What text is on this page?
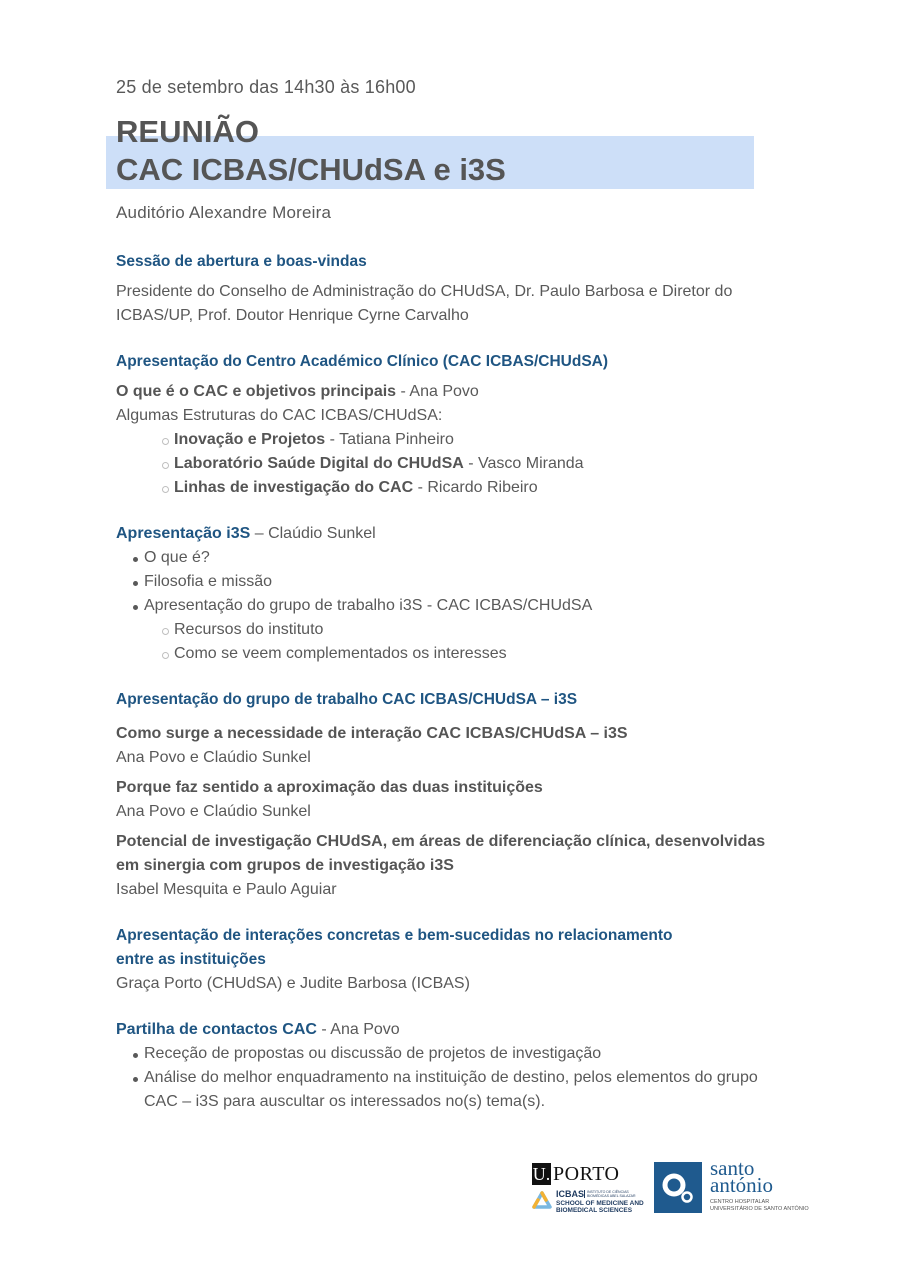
25 de setembro das 14h30 às 16h00
REUNIÃO
CAC ICBAS/CHUdSA e i3S
Auditório Alexandre Moreira
Sessão de abertura e boas-vindas
Presidente do Conselho de Administração do CHUdSA, Dr. Paulo Barbosa e Diretor do
ICBAS/UP, Prof. Doutor Henrique Cyrne Carvalho
Apresentação do Centro Académico Clínico (CAC ICBAS/CHUdSA)
O que é o CAC e objetivos principais - Ana Povo
Algumas Estruturas do CAC ICBAS/CHUdSA:
Inovação e Projetos - Tatiana Pinheiro
Laboratório Saúde Digital do CHUdSA - Vasco Miranda
Linhas de investigação do CAC - Ricardo Ribeiro
Apresentação i3S – Claúdio Sunkel
O que é?
Filosofia e missão
Apresentação do grupo de trabalho i3S - CAC ICBAS/CHUdSA
Recursos do instituto
Como se veem complementados os interesses
Apresentação do grupo de trabalho CAC ICBAS/CHUdSA – i3S
Como surge a necessidade de interação CAC ICBAS/CHUdSA – i3S
Ana Povo e Claúdio Sunkel
Porque faz sentido a aproximação das duas instituições
Ana Povo e Claúdio Sunkel
Potencial de investigação CHUdSA, em áreas de diferenciação clínica, desenvolvidas
em sinergia com grupos de investigação i3S
Isabel Mesquita e Paulo Aguiar
Apresentação de interações concretas e bem-sucedidas no relacionamento
entre as instituições
Graça Porto (CHUdSA) e Judite Barbosa (ICBAS)
Partilha de contactos CAC - Ana Povo
Receção de propostas ou discussão de projetos de investigação
Análise do melhor enquadramento na instituição de destino, pelos elementos do grupo
CAC – i3S para auscultar os interessados no(s) tema(s).
U. PORTO
ICBAS INSTITUTO DE CIÊNCIAS BIOMÉDICAS ABEL SALAZAR
SCHOOL OF MEDICINE AND
BIOMEDICAL SCIENCES
santo
antónio
CENTRO HOSPITALAR
UNIVERSITÁRIO DE SANTO ANTÓNIO
